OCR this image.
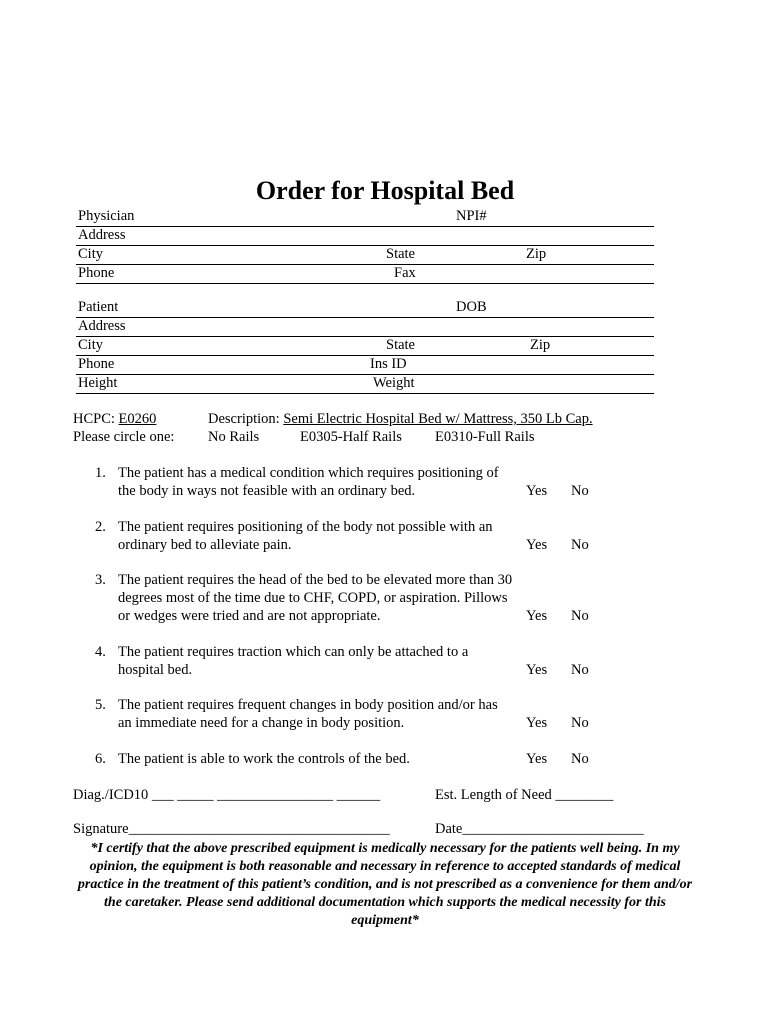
Order for Hospital Bed
Physician	NPI#
Address
City	State	Zip
Phone	Fax
Patient	DOB
Address
City	State	Zip
Phone	Ins ID
Height	Weight
HCPC: E0260	Description: Semi Electric Hospital Bed w/ Mattress, 350 Lb Cap.
Please circle one: No Rails	E0305-Half Rails E0310-Full Rails
1. The patient has a medical condition which requires positioning of the body in ways not feasible with an ordinary bed.	Yes No
2. The patient requires positioning of the body not possible with an ordinary bed to alleviate pain.	Yes No
3. The patient requires the head of the bed to be elevated more than 30 degrees most of the time due to CHF, COPD, or aspiration. Pillows or wedges were tried and are not appropriate.	Yes No
4. The patient requires traction which can only be attached to a hospital bed.	Yes No
5. The patient requires frequent changes in body position and/or has an immediate need for a change in body position.	Yes No
6. The patient is able to work the controls of the bed.	Yes No
Diag./ICD10 ___ _____ ________________ ______	Est. Length of Need ________
Signature____________________________________	Date_________________________
*I certify that the above prescribed equipment is medically necessary for the patients well being. In my opinion, the equipment is both reasonable and necessary in reference to accepted standards of medical practice in the treatment of this patient’s condition, and is not prescribed as a convenience for them and/or the caretaker. Please send additional documentation which supports the medical necessity for this equipment*
